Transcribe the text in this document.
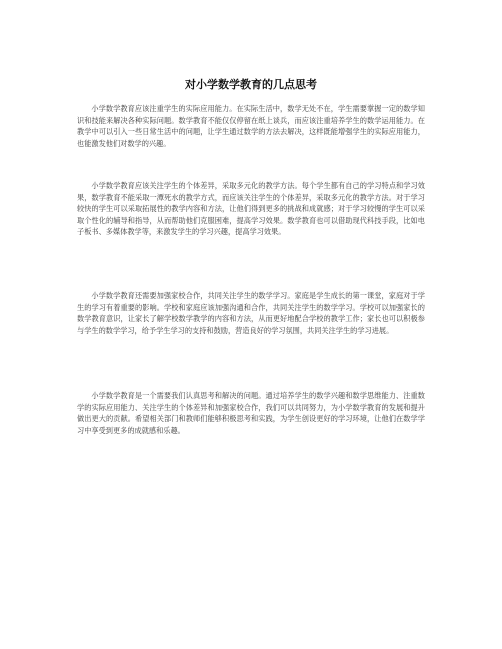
对小学数学教育的几点思考

小学数学教育应该注重学生的实际应用能力。在实际生活中，数学无处不在，学生需要掌握一定的数学知识和技能来解决各种实际问题。数学教育不能仅仅停留在纸上谈兵，而应该注重培养学生的数学运用能力。在教学中可以引入一些日常生活中的问题，让学生通过数学的方法去解决，这样既能增强学生的实际应用能力，也能激发他们对数学的兴趣。

小学数学教育应该关注学生的个体差异，采取多元化的教学方法。每个学生都有自己的学习特点和学习效果，数学教育不能采取一潭死水的教学方式，而应该关注学生的个体差异，采取多元化的教学方法。对于学习较快的学生可以采取拓展性的教学内容和方法，让他们得到更多的挑战和成就感；对于学习较慢的学生可以采取个性化的辅导和指导，从而帮助他们克服困难，提高学习效果。数学教育也可以借助现代科技手段，比如电子板书、多媒体教学等，来激发学生的学习兴趣，提高学习效果。

小学数学教育还需要加强家校合作，共同关注学生的数学学习。家庭是学生成长的第一课堂，家庭对于学生的学习有着重要的影响。学校和家庭应该加强沟通和合作，共同关注学生的数学学习。学校可以加强家长的数学教育意识，让家长了解学校数学教学的内容和方法，从而更好地配合学校的教学工作；家长也可以积极参与学生的数学学习，给予学生学习的支持和鼓励，营造良好的学习氛围，共同关注学生的学习进展。

小学数学教育是一个需要我们认真思考和解决的问题。通过培养学生的数学兴趣和数学思维能力、注重数学的实际应用能力、关注学生的个体差异和加强家校合作，我们可以共同努力，为小学数学教育的发展和提升做出更大的贡献。希望相关部门和教师们能够积极思考和实践，为学生创设更好的学习环境，让他们在数学学习中享受到更多的成就感和乐趣。
